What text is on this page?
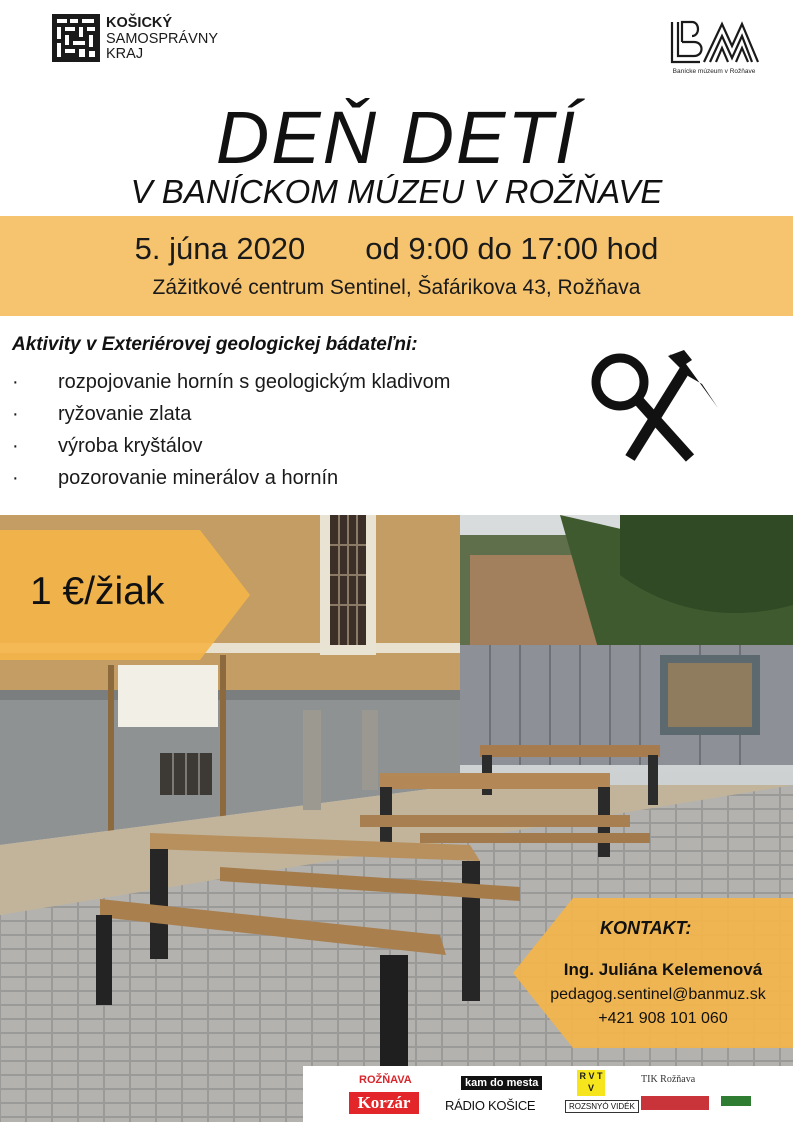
KOŠICKÝ
SAMOSPRÁVNY
KRAJ
Banícke múzeum v Rožňave
DEŇ DETÍ
V BANÍCKOM MÚZEU V ROŽŇAVE
5. júna 2020 od 9:00 do 17:00 hod
Zážitkové centrum Sentinel, Šafárikova 43, Rožňava
Aktivity v Exteriérovej geologickej bádateľni:
· rozpojovanie hornín s geologickým kladivom
· ryžovanie zlata
· výroba kryštálov
· pozorovanie minerálov a hornín
1 €/žiak
KONTAKT:
Ing. Juliána Kelemenová
pedagog.sentinel@banmuz.sk
+421 908 101 060
ROŽŇAVA
Korzár
kam do mesta
RÁDIO KOŠICE
R V T V
ROZSNYÓ VIDÉK
TIK Rožňava
